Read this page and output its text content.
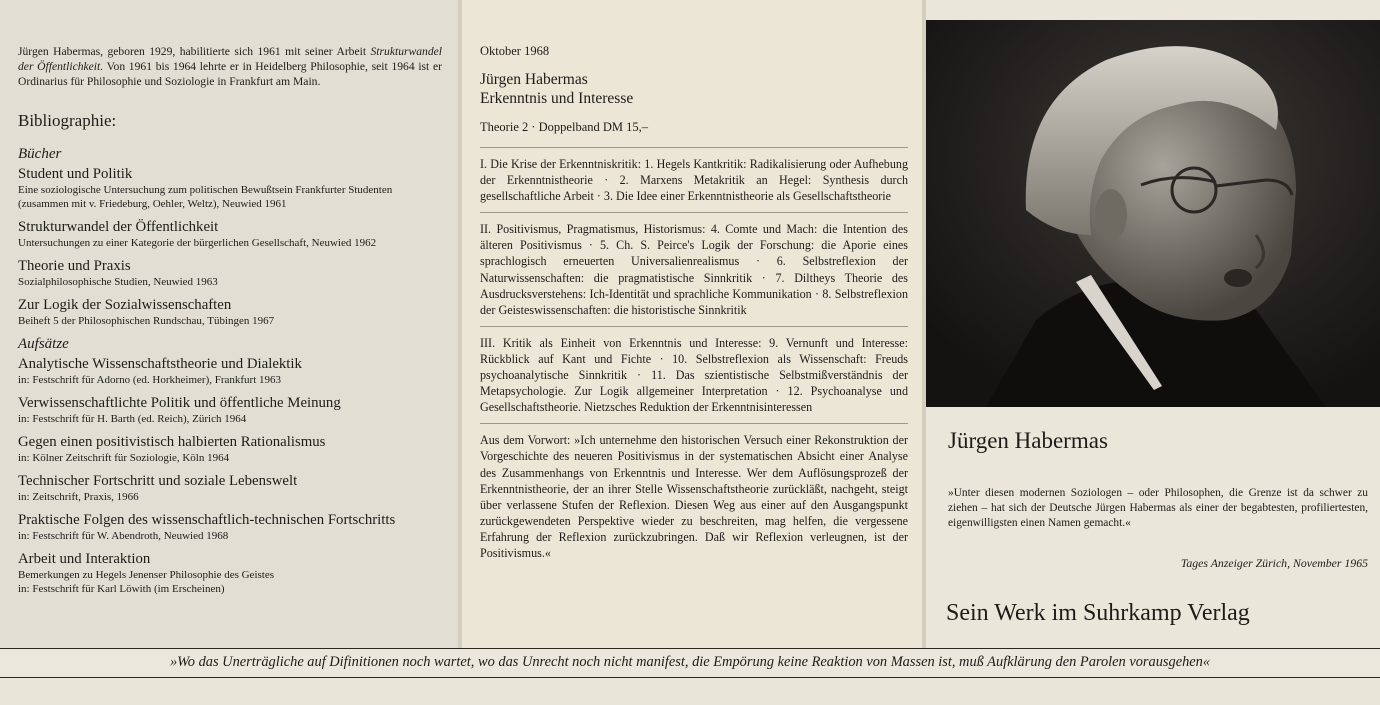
Jürgen Habermas, geboren 1929, habilitierte sich 1961 mit seiner Arbeit Strukturwandel der Öffentlichkeit. Von 1961 bis 1964 lehrte er in Heidelberg Philosophie, seit 1964 ist er Ordinarius für Philosophie und Soziologie in Frankfurt am Main.

Bibliographie:
Bücher
Student und Politik
Eine soziologische Untersuchung zum politischen Bewußtsein Frankfurter Studenten (zusammen mit v. Friedeburg, Oehler, Weltz), Neuwied 1961
Strukturwandel der Öffentlichkeit
Untersuchungen zu einer Kategorie der bürgerlichen Gesellschaft, Neuwied 1962
Theorie und Praxis
Sozialphilosophische Studien, Neuwied 1963
Zur Logik der Sozialwissenschaften
Beiheft 5 der Philosophischen Rundschau, Tübingen 1967
Aufsätze
Analytische Wissenschaftstheorie und Dialektik
in: Festschrift für Adorno (ed. Horkheimer), Frankfurt 1963
Verwissenschaftlichte Politik und öffentliche Meinung
in: Festschrift für H. Barth (ed. Reich), Zürich 1964
Gegen einen positivistisch halbierten Rationalismus
in: Kölner Zeitschrift für Soziologie, Köln 1964
Technischer Fortschritt und soziale Lebenswelt
in: Zeitschrift, Praxis, 1966
Praktische Folgen des wissenschaftlich-technischen Fortschritts
in: Festschrift für W. Abendroth, Neuwied 1968
Arbeit und Interaktion
Bemerkungen zu Hegels Jenenser Philosophie des Geistes
in: Festschrift für Karl Löwith (im Erscheinen)
Oktober 1968
Jürgen Habermas
Erkenntnis und Interesse
Theorie 2 · Doppelband DM 15,–

I. Die Krise der Erkenntniskritik: 1. Hegels Kantkritik: Radikalisierung oder Aufhebung der Erkenntnistheorie · 2. Marxens Metakritik an Hegel: Synthesis durch gesellschaftliche Arbeit · 3. Die Idee einer Erkenntnistheorie als Gesellschaftstheorie

II. Positivismus, Pragmatismus, Historismus: 4. Comte und Mach: die Intention des älteren Positivismus · 5. Ch. S. Peirce's Logik der Forschung: die Aporie eines sprachlogisch erneuerten Universalienrealismus · 6. Selbstreflexion der Naturwissenschaften: die pragmatistische Sinnkritik · 7. Diltheys Theorie des Ausdrucksverstehens: Ich-Identität und sprachliche Kommunikation · 8. Selbstreflexion der Geisteswissenschaften: die historistische Sinnkritik

III. Kritik als Einheit von Erkenntnis und Interesse: 9. Vernunft und Interesse: Rückblick auf Kant und Fichte · 10. Selbstreflexion als Wissenschaft: Freuds psychoanalytische Sinnkritik · 11. Das szientistische Selbstmißverständnis der Metapsychologie. Zur Logik allgemeiner Interpretation · 12. Psychoanalyse und Gesellschaftstheorie. Nietzsches Reduktion der Erkenntnisinteressen

Aus dem Vorwort: »Ich unternehme den historischen Versuch einer Rekonstruktion der Vorgeschichte des neueren Positivismus in der systematischen Absicht einer Analyse des Zusammenhangs von Erkenntnis und Interesse. Wer dem Auflösungsprozeß der Erkenntnistheorie, der an ihrer Stelle Wissenschaftstheorie zurückläßt, nachgeht, steigt über verlassene Stufen der Reflexion. Diesen Weg aus einer auf den Ausgangspunkt zurückgewendeten Perspektive wieder zu beschreiten, mag helfen, die vergessene Erfahrung der Reflexion zurückzubringen. Daß wir Reflexion verleugnen, ist der Positivismus.«

Jürgen Habermas

»Unter diesen modernen Soziologen – oder Philosophen, die Grenze ist da schwer zu ziehen – hat sich der Deutsche Jürgen Habermas als einer der begabtesten, profiliertesten, eigenwilligsten einen Namen gemacht.«

Tages Anzeiger Zürich, November 1965
Sein Werk im Suhrkamp Verlag
»Wo das Unerträgliche auf Difinitionen noch wartet, wo das Unrecht noch nicht manifest, die Empörung keine Reaktion von Massen ist, muß Aufklärung den Parolen vorausgehen«
